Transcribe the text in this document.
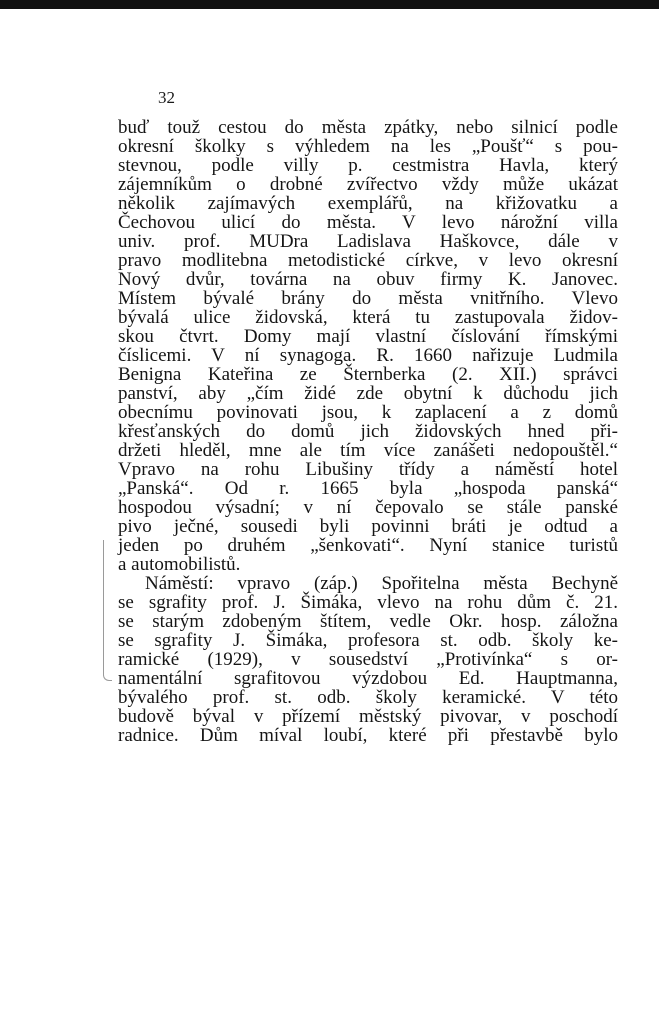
32
buď touž cestou do města zpátky, nebo silnicí podle
okresní školky s výhledem na les „Poušť“ s pou-
stevnou, podle villy p. cestmistra Havla, který
zájemníkům o drobné zvířectvo vždy může ukázat
několik zajímavých exemplářů, na křižovatku a
Čechovou ulicí do města. V levo nárožní villa
univ. prof. MUDra Ladislava Haškovce, dále v
pravo modlitebna metodistické církve, v levo okresní
Nový dvůr, továrna na obuv firmy K. Janovec.
Místem bývalé brány do města vnitřního. Vlevo
bývalá ulice židovská, která tu zastupovala židov-
skou čtvrt. Domy mají vlastní číslování římskými
číslicemi. V ní synagoga. R. 1660 nařizuje Ludmila
Benigna Kateřina ze Šternberka (2. XII.) správci
panství, aby „čím židé zde obytní k důchodu jich
obecnímu povinovati jsou, k zaplacení a z domů
křesťanských do domů jich židovských hned při-
držeti hleděl, mne ale tím více zanášeti nedopouštěl.“
Vpravo na rohu Libušiny třídy a náměstí hotel
„Panská“. Od r. 1665 byla „hospoda panská“
hospodou výsadní; v ní čepovalo se stále panské
pivo ječné, sousedi byli povinni bráti je odtud a
jeden po druhém „šenkovati“. Nyní stanice turistů
a automobilistů.
Náměstí: vpravo (záp.) Spořitelna města Bechyně
se sgrafity prof. J. Šimáka, vlevo na rohu dům č. 21.
se starým zdobeným štítem, vedle Okr. hosp. záložna
se sgrafity J. Šimáka, profesora st. odb. školy ke-
ramické (1929), v sousedství „Protivínka“ s or-
namentální sgrafitovou výzdobou Ed. Hauptmanna,
bývalého prof. st. odb. školy keramické. V této
budově býval v přízemí městský pivovar, v poschodí
radnice. Dům míval loubí, které při přestavbě bylo
